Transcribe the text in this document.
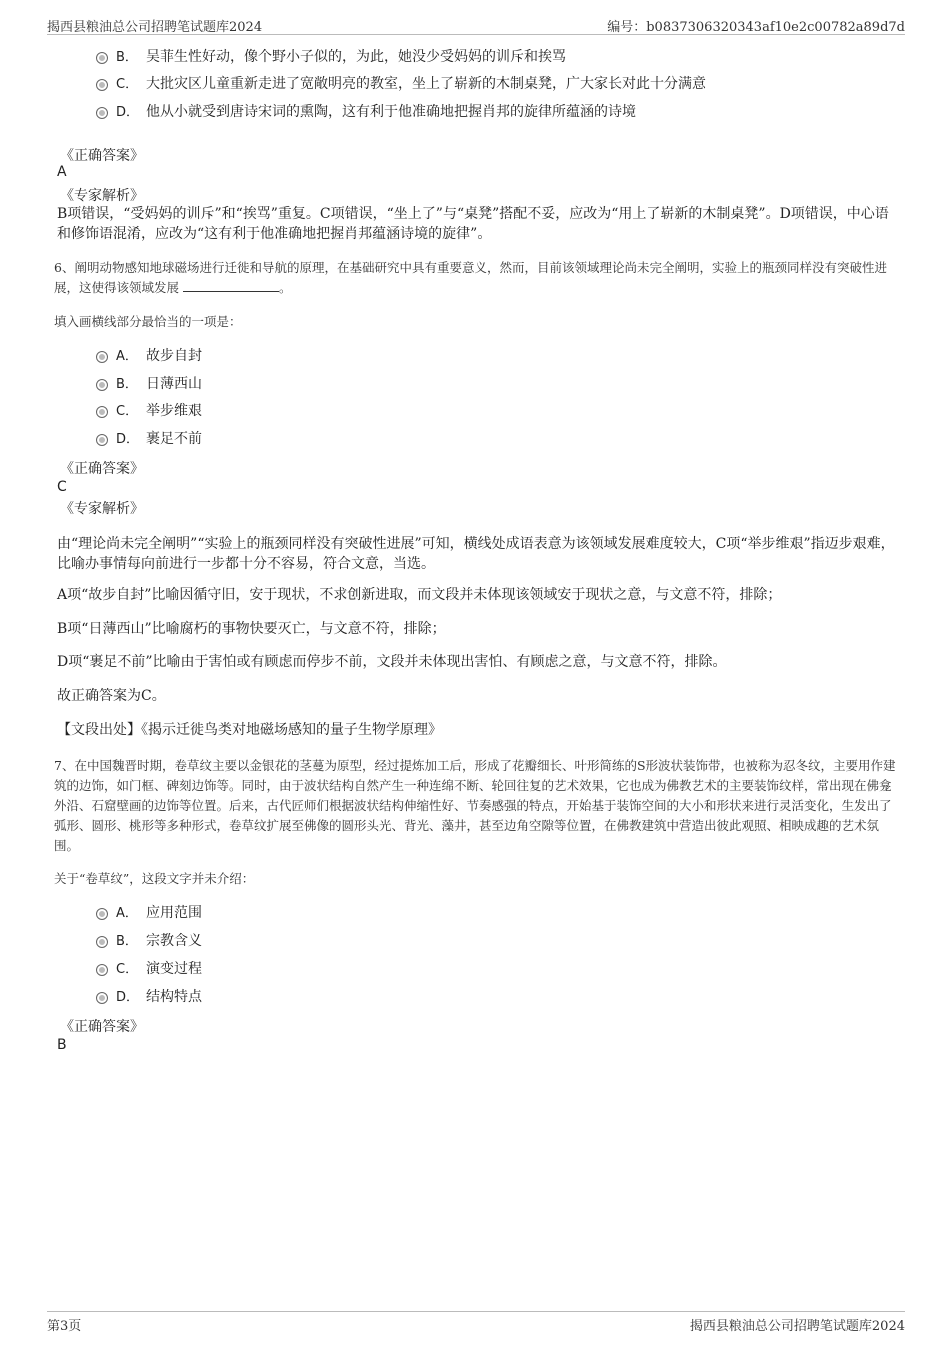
揭西县粮油总公司招聘笔试题库2024	编号：b0837306320343af10e2c00782a89d7d
B． 吴菲生性好动，像个野小子似的，为此，她没少受妈妈的训斥和挨骂
C． 大批灾区儿童重新走进了宽敞明亮的教室，坐上了崭新的木制桌凳，广大家长对此十分满意
D． 他从小就受到唐诗宋词的熏陶，这有利于他准确地把握肖邦的旋律所蕴涵的诗境
《正确答案》
A
《专家解析》
B项错误，“受妈妈的训斥”和“挨骂”重复。C项错误，“坐上了”与“桌凳”搭配不妥，应改为“用上了崭新的木制桌凳”。D项错误，中心语和修饰语混淆，应改为“这有利于他准确地把握肖邦蕴涵诗境的旋律”。
6、阐明动物感知地球磁场进行迁徙和导航的原理，在基础研究中具有重要意义，然而，目前该领域理论尚未完全阐明，实验上的瓶颈同样没有突破性进展，这使得该领域发展	。
填入画横线部分最恰当的一项是：
A． 故步自封
B． 日薄西山
C． 举步维艰
D． 裹足不前
《正确答案》
C
《专家解析》
由“理论尚未完全阐明”“实验上的瓶颈同样没有突破性进展”可知，横线处成语表意为该领域发展难度较大，C项“举步维艰”指迈步艰难，比喻办事情每向前进行一步都十分不容易，符合文意，当选。
A项“故步自封”比喻因循守旧，安于现状，不求创新进取，而文段并未体现该领域安于现状之意，与文意不符，排除；
B项“日薄西山”比喻腐朽的事物快要灭亡，与文意不符，排除；
D项“裹足不前”比喻由于害怕或有顾虑而停步不前，文段并未体现出害怕、有顾虑之意，与文意不符，排除。
故正确答案为C。
【文段出处】《揭示迁徙鸟类对地磁场感知的量子生物学原理》
7、在中国魏晋时期，卷草纹主要以金银花的茎蔓为原型，经过提炼加工后，形成了花瓣细长、叶形简练的S形波状装饰带，也被称为忍冬纹，主要用作建筑的边饰，如门框、碑刻边饰等。同时，由于波状结构自然产生一种连绵不断、轮回往复的艺术效果，它也成为佛教艺术的主要装饰纹样，常出现在佛龛外沿、石窟壁画的边饰等位置。后来，古代匠师们根据波状结构伸缩性好、节奏感强的特点，开始基于装饰空间的大小和形状来进行灵活变化，生发出了弧形、圆形、桃形等多种形式，卷草纹扩展至佛像的圆形头光、背光、藻井，甚至边角空隙等位置，在佛教建筑中营造出彼此观照、相映成趣的艺术氛围。
关于“卷草纹”，这段文字并未介绍：
A． 应用范围
B． 宗教含义
C． 演变过程
D． 结构特点
《正确答案》
B
第3页	揭西县粮油总公司招聘笔试题库2024
